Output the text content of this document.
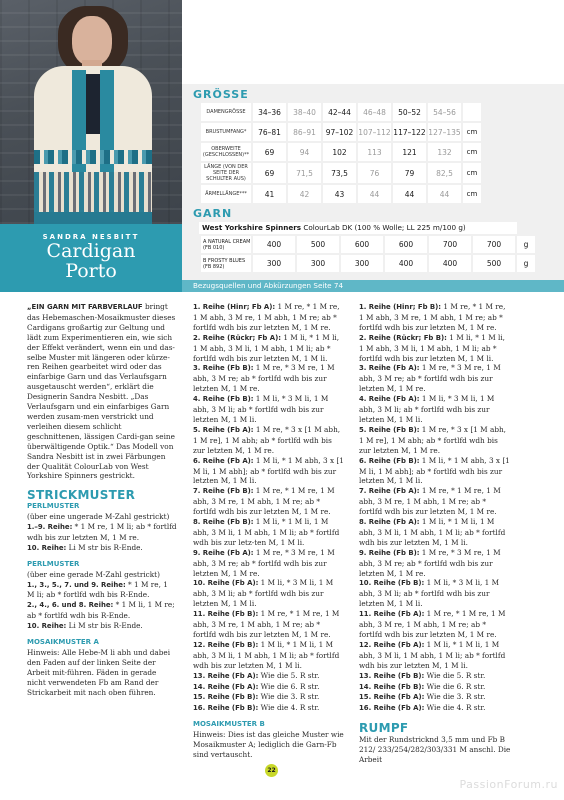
SANDRA NESBITT
Cardigan
Porto
GRÖSSE
DAMENGRÖSSE	34–36	38–40	42–44	46–48	50–52	54–56	
BRUSTUMFANG*	76–81	86–91	97–102	107–112	117–122	127–135	cm
OBERWEITE (GESCHLOSSEN)**	69	94	102	113	121	132	cm
LÄNGE (VON DER SEITE DER SCHULTER AUS)	69	71,5	73,5	76	79	82,5	cm
ÄRMELLÄNGE***	41	42	43	44	44	44	cm
GARN
West Yorkshire Spinners ColourLab DK (100 % Wolle; LL 225 m/100 g)
A NATURAL CREAM (FB 010)	400	500	600	600	700	700	g
B FROSTY BLUES (FB 892)	300	300	300	400	400	500	g
Bezugsquellen und Abkürzungen Seite 74

„EIN GARN MIT FARBVERLAUF bringt das Hebemaschen-Mosaikmuster dieses Cardigans großartig zur Geltung und lädt zum Experimentieren ein, wie sich der Effekt verändert, wenn ein und das-selbe Muster mit längeren oder kürze-ren Reihen gearbeitet wird oder das einfarbige Garn und das Verlaufsgarn ausgetauscht werden“, erklärt die Designerin Sandra Nesbitt. „Das Verlaufsgarn und ein einfarbiges Garn werden zusam-men verstrickt und verleihen diesem schlicht geschnittenen, lässigen Cardi-gan seine überwältigende Optik.“ Das Modell von Sandra Nesbitt ist in zwei Färbungen der Qualität ColourLab von West Yorkshire Spinners gestrickt.

STRICKMUSTER
PERLMUSTER

(über eine ungerade M-Zahl gestrickt)

1.–9. Reihe: * 1 M re, 1 M li; ab * fortlfd wdh bis zur letzten M, 1 M re.

10. Reihe: Li M str bis R-Ende.

PERLMUSTER

(über eine gerade M-Zahl gestrickt)

1., 3., 5., 7. und 9. Reihe: * 1 M re, 1 M li; ab * fortlfd wdh bis R-Ende.

2., 4., 6. und 8. Reihe: * 1 M li, 1 M re; ab * fortlfd wdh bis R-Ende.

10. Reihe: Li M str bis R-Ende.

MOSAIKMUSTER A

Hinweis: Alle Hebe-M li abh und dabei den Faden auf der linken Seite der Arbeit mit-führen. Fäden in gerade nicht verwendeten Fb am Rand der Strickarbeit mit nach oben führen.

1. Reihe (Hinr; Fb A): 1 M re, * 1 M re, 1 M abh, 3 M re, 1 M abh, 1 M re; ab * fortlfd wdh bis zur letzten M, 1 M re.

2. Reihe (Rückr; Fb A): 1 M li, * 1 M li, 1 M abh, 3 M li, 1 M abh, 1 M li; ab * fortlfd wdh bis zur letzten M, 1 M li.

3. Reihe (Fb B): 1 M re, * 3 M re, 1 M abh, 3 M re; ab * fortlfd wdh bis zur letzten M, 1 M re.

4. Reihe (Fb B): 1 M li, * 3 M li, 1 M abh, 3 M li; ab * fortlfd wdh bis zur letzten M, 1 M li.

5. Reihe (Fb A): 1 M re, * 3 x [1 M abh, 1 M re], 1 M abh; ab * fortlfd wdh bis zur letzten M, 1 M re.

6. Reihe (Fb A): 1 M li, * 1 M abh, 3 x [1 M li, 1 M abh]; ab * fortlfd wdh bis zur letzten M, 1 M li.

7. Reihe (Fb B): 1 M re, * 1 M re, 1 M abh, 3 M re, 1 M abh, 1 M re; ab * fortlfd wdh bis zur letzten M, 1 M re.

8. Reihe (Fb B): 1 M li, * 1 M li, 1 M abh, 3 M li, 1 M abh, 1 M li; ab * fortlfd wdh bis zur letz-ten M, 1 M li.

9. Reihe (Fb A): 1 M re, * 3 M re, 1 M abh, 3 M re; ab * fortlfd wdh bis zur letzten M, 1 M re.

10. Reihe (Fb A): 1 M li, * 3 M li, 1 M abh, 3 M li; ab * fortlfd wdh bis zur letzten M, 1 M li.

11. Reihe (Fb B): 1 M re, * 1 M re, 1 M abh, 3 M re, 1 M abh, 1 M re; ab * fortlfd wdh bis zur letzten M, 1 M re.

12. Reihe (Fb B): 1 M li, * 1 M li, 1 M abh, 3 M li, 1 M abh, 1 M li; ab * fortlfd wdh bis zur letzten M, 1 M li.

13. Reihe (Fb A): Wie die 5. R str.

14. Reihe (Fb A): Wie die 6. R str.

15. Reihe (Fb B): Wie die 3. R str.

16. Reihe (Fb B): Wie die 4. R str.

MOSAIKMUSTER B

Hinweis: Dies ist das gleiche Muster wie Mosaikmuster A; lediglich die Garn-Fb sind vertauscht.

1. Reihe (Hinr; Fb B): 1 M re, * 1 M re, 1 M abh, 3 M re, 1 M abh, 1 M re; ab * fortlfd wdh bis zur letzten M, 1 M re.

2. Reihe (Rückr; Fb B): 1 M li, * 1 M li, 1 M abh, 3 M li, 1 M abh, 1 M li; ab * fortlfd wdh bis zur letzten M, 1 M li.

3. Reihe (Fb A): 1 M re, * 3 M re, 1 M abh, 3 M re; ab * fortlfd wdh bis zur letzten M, 1 M re.

4. Reihe (Fb A): 1 M li, * 3 M li, 1 M abh, 3 M li; ab * fortlfd wdh bis zur letzten M, 1 M li.

5. Reihe (Fb B): 1 M re, * 3 x [1 M abh, 1 M re], 1 M abh; ab * fortlfd wdh bis zur letzten M, 1 M re.

6. Reihe (Fb B): 1 M li, * 1 M abh, 3 x [1 M li, 1 M abh]; ab * fortlfd wdh bis zur letzten M, 1 M li.

7. Reihe (Fb A): 1 M re, * 1 M re, 1 M abh, 3 M re, 1 M abh, 1 M re; ab * fortlfd wdh bis zur letzten M, 1 M re.

8. Reihe (Fb A): 1 M li, * 1 M li, 1 M abh, 3 M li, 1 M abh, 1 M li; ab * fortlfd wdh bis zur letzten M, 1 M li.

9. Reihe (Fb B): 1 M re, * 3 M re, 1 M abh, 3 M re; ab * fortlfd wdh bis zur letzten M, 1 M re.

10. Reihe (Fb B): 1 M li, * 3 M li, 1 M abh, 3 M li; ab * fortlfd wdh bis zur letzten M, 1 M li.

11. Reihe (Fb A): 1 M re, * 1 M re, 1 M abh, 3 M re, 1 M abh, 1 M re; ab * fortlfd wdh bis zur letzten M, 1 M re.

12. Reihe (Fb A): 1 M li, * 1 M li, 1 M abh, 3 M li, 1 M abh, 1 M li; ab * fortlfd wdh bis zur letzten M, 1 M li.

13. Reihe (Fb B): Wie die 5. R str.

14. Reihe (Fb B): Wie die 6. R str.

15. Reihe (Fb A): Wie die 3. R str.

16. Reihe (Fb A): Wie die 4. R str.

RUMPF

Mit der Rundstricknd 3,5 mm und Fb B 212/ 233/254/282/303/331 M anschl. Die Arbeit

22
PassionForum.ru
